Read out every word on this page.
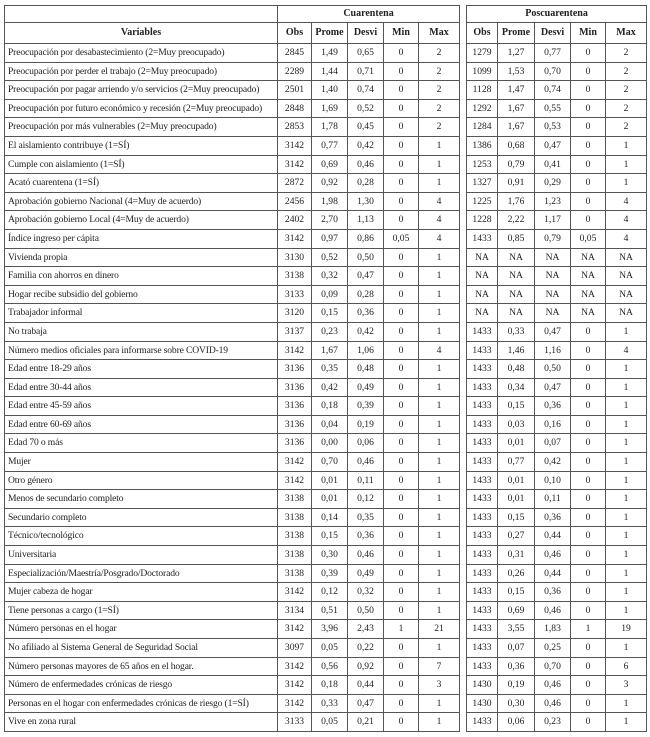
	Cuarentena				
Variables	Obs	Prome	Desvi	Min	Max
Preocupación por desabastecimiento (2=Muy preocupado)	2845	1,49	0,65	0	2
Preocupación por perder el trabajo (2=Muy preocupado)	2289	1,44	0,71	0	2
Preocupación por pagar arriendo y/o servicios (2=Muy preocupado)	2501	1,40	0,74	0	2
Preocupación por futuro económico y recesión (2=Muy preocupado)	2848	1,69	0,52	0	2
Preocupación por más vulnerables (2=Muy preocupado)	2853	1,78	0,45	0	2
El aislamiento contribuye (1=SÍ)	3142	0,77	0,42	0	1
Cumple con aislamiento (1=SÍ)	3142	0,69	0,46	0	1
Acató cuarentena (1=SÍ)	2872	0,92	0,28	0	1
Aprobación gobierno Nacional (4=Muy de acuerdo)	2456	1,98	1,30	0	4
Aprobación gobierno Local (4=Muy de acuerdo)	2402	2,70	1,13	0	4
Índice ingreso per cápita	3142	0,97	0,86	0,05	4
Vivienda propia	3130	0,52	0,50	0	1
Familia con ahorros en dinero	3138	0,32	0,47	0	1
Hogar recibe subsidio del gobierno	3133	0,09	0,28	0	1
Trabajador informal	3120	0,15	0,36	0	1
No trabaja	3137	0,23	0,42	0	1
Número medios oficiales para informarse sobre COVID-19	3142	1,67	1,06	0	4
Edad entre 18-29 años	3136	0,35	0,48	0	1
Edad entre 30-44 años	3136	0,42	0,49	0	1
Edad entre 45-59 años	3136	0,18	0,39	0	1
Edad entre 60-69 años	3136	0,04	0,19	0	1
Edad 70 o más	3136	0,00	0,06	0	1
Mujer	3142	0,70	0,46	0	1
Otro género	3142	0,01	0,11	0	1
Menos de secundario completo	3138	0,01	0,12	0	1
Secundario completo	3138	0,14	0,35	0	1
Técnico/tecnológico	3138	0,15	0,36	0	1
Universitaria	3138	0,30	0,46	0	1
Especialización/Maestría/Posgrado/Doctorado	3138	0,39	0,49	0	1
Mujer cabeza de hogar	3142	0,12	0,32	0	1
Tiene personas a cargo (1=SÍ)	3134	0,51	0,50	0	1
Número personas en el hogar	3142	3,96	2,43	1	21
No afiliado al Sistema General de Seguridad Social	3097	0,05	0,22	0	1
Número personas mayores de 65 años en el hogar.	3142	0,56	0,92	0	7
Número de enfermedades crónicas de riesgo	3142	0,18	0,44	0	3
Personas en el hogar con enfermedades crónicas de riesgo (1=SÍ)	3142	0,33	0,47	0	1
Vive en zona rural	3133	0,05	0,21	0	1
Poscuarentena				
Obs	Prome	Desvi	Min	Max
1279	1,27	0,77	0	2
1099	1,53	0,70	0	2
1128	1,47	0,74	0	2
1292	1,67	0,55	0	2
1284	1,67	0,53	0	2
1386	0,68	0,47	0	1
1253	0,79	0,41	0	1
1327	0,91	0,29	0	1
1225	1,76	1,23	0	4
1228	2,22	1,17	0	4
1433	0,85	0,79	0,05	4
NA	NA	NA	NA	NA
NA	NA	NA	NA	NA
NA	NA	NA	NA	NA
NA	NA	NA	NA	NA
1433	0,33	0,47	0	1
1433	1,46	1,16	0	4
1433	0,48	0,50	0	1
1433	0,34	0,47	0	1
1433	0,15	0,36	0	1
1433	0,03	0,16	0	1
1433	0,01	0,07	0	1
1433	0,77	0,42	0	1
1433	0,01	0,10	0	1
1433	0,01	0,11	0	1
1433	0,15	0,36	0	1
1433	0,27	0,44	0	1
1433	0,31	0,46	0	1
1433	0,26	0,44	0	1
1433	0,15	0,36	0	1
1433	0,69	0,46	0	1
1433	3,55	1,83	1	19
1433	0,07	0,25	0	1
1433	0,36	0,70	0	6
1430	0,19	0,46	0	3
1430	0,30	0,46	0	1
1433	0,06	0,23	0	1
